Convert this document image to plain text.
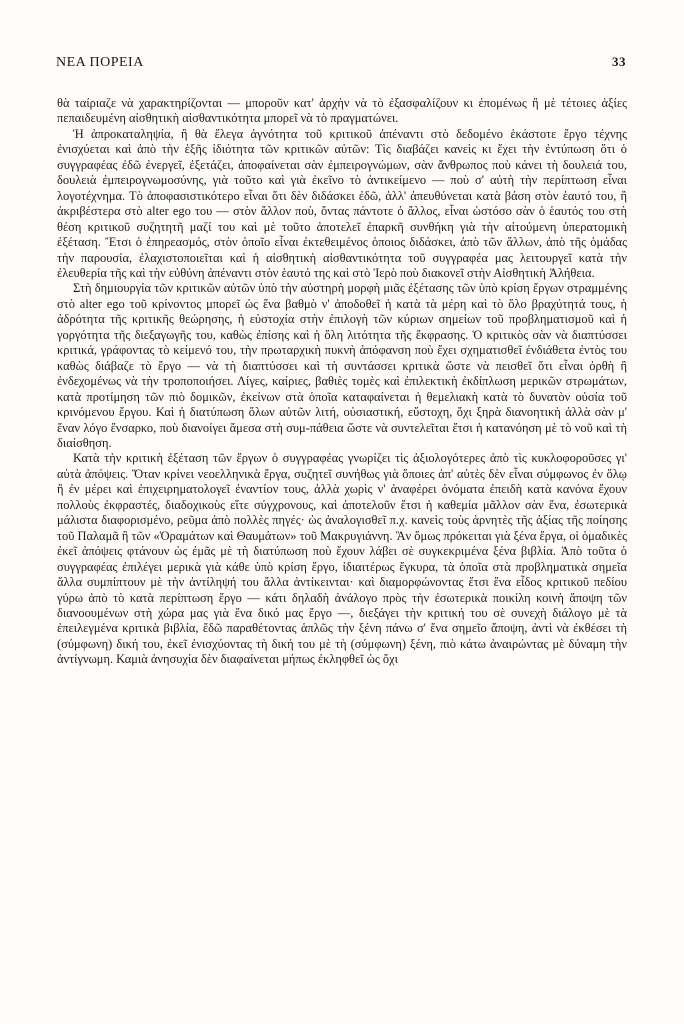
ΝΕΑ ΠΟΡΕΙΑ	33

θὰ ταίριαζε νὰ χαρακτηρίζονται — μποροῦν κατ' ἀρχὴν νὰ τὸ ἐξασφαλίζουν κι ἐπομένως ἢ μὲ τέτοιες ἀξίες πεπαιδευμένη αἰσθητικὴ αἰσθαντικότητα μπορεῖ νὰ τὸ πραγματώνει.

Ἡ ἀπροκαταληψία, ἢ θὰ ἔλεγα ἀγνότητα τοῦ κριτικοῦ ἀπέναντι στὸ δεδομένο ἑκάστοτε ἔργο τέχνης ἐνισχύεται καὶ ἀπὸ τὴν ἑξῆς ἰδιότητα τῶν κριτικῶν αὐτῶν: Τὶς διαβάζει κανεὶς κι ἔχει τὴν ἐντύπωση ὅτι ὁ συγγραφέας ἐδῶ ἐνεργεῖ, ἐξετάζει, ἀποφαίνεται σὰν ἐμπειρογνώμων, σὰν ἄνθρωπος ποὺ κάνει τὴ δουλειά του, δουλειὰ ἐμπειρογνωμοσύνης, γιὰ τοῦτο καὶ γιὰ ἐκεῖνο τὸ ἀντικείμενο — ποὺ σ' αὐτὴ τὴν περίπτωση εἶναι λογοτέχνημα. Τὸ ἀποφασιστικότερο εἶναι ὅτι δὲν διδάσκει ἐδῶ, ἀλλ' ἀπευθύνεται κατὰ βάση στὸν ἑαυτό του, ἢ ἀκριβέστερα στὸ alter ego του — στὸν ἄλλον ποὺ, ὄντας πάντοτε ὁ ἄλλος, εἶναι ὡστόσο σὰν ὁ ἑαυτός του στὴ θέση κριτικοῦ συζητητῆ μαζί του καὶ μὲ τοῦτο ἀποτελεῖ ἐπαρκῆ συνθήκη γιὰ τὴν αἰτούμενη ὑπερατομικὴ ἐξέταση. Ἔτσι ὁ ἐπηρεασμός, στὸν ὁποῖο εἶναι ἐκτεθειμένος ὁποιος διδάσκει, ἀπὸ τῶν ἄλλων, ἀπὸ τῆς ὁμάδας τὴν παρουσία, ἐλαχιστοποιεῖται καὶ ἡ αἰσθητικὴ αἰσθαντικότητα τοῦ συγγραφέα μας λειτουργεῖ κατὰ τὴν ἐλευθερία τῆς καὶ τὴν εὐθύνη ἀπέναντι στὸν ἑαυτό της καὶ στὸ Ἱερὸ ποὺ διακονεῖ στὴν Αἰσθητικὴ Ἀλήθεια.

Στὴ δημιουργία τῶν κριτικῶν αὐτῶν ὑπὸ τὴν αὐστηρὴ μορφὴ μιᾶς ἐξέτασης τῶν ὑπὸ κρίση ἔργων στραμμένης στὸ alter ego τοῦ κρίνοντος μπορεῖ ὡς ἕνα βαθμὸ ν' ἀποδοθεῖ ἡ κατὰ τὰ μέρη καὶ τὸ ὅλο βραχύτητά τους, ἡ ἀδρότητα τῆς κριτικῆς θεώρησης, ἡ εὐστοχία στὴν ἐπιλογὴ τῶν κύριων σημείων τοῦ προβληματισμοῦ καὶ ἡ γοργότητα τῆς διεξαγωγῆς του, καθὼς ἐπίσης καὶ ἡ ὅλη λιτότητα τῆς ἔκφρασης. Ὁ κριτικὸς σὰν νὰ διαπτύσσει κριτικά, γράφοντας τὸ κείμενό του, τὴν πρωταρχικὴ πυκνὴ ἀπόφανση ποὺ ἔχει σχηματισθεῖ ἐνδιάθετα ἐντὸς του καθὼς διάβαζε τὸ ἔργο — νὰ τὴ διαπτύσσει καὶ τὴ συντάσσει κριτικὰ ὥστε νὰ πεισθεῖ ὅτι εἶναι ὀρθὴ ἢ ἐνδεχομένως νὰ τὴν τροποποιήσει. Λίγες, καίριες, βαθιὲς τομὲς καὶ ἐπιλεκτικὴ ἐκδίπλωση μερικῶν στρωμάτων, κατὰ προτίμηση τῶν πιὸ δομικῶν, ἐκείνων στὰ ὁποῖα καταφαίνεται ἡ θεμελιακὴ κατὰ τὸ δυνατὸν οὐσία τοῦ κρινόμενου ἔργου. Καὶ ἡ διατύπωση ὅλων αὐτῶν λιτή, οὐσιαστική, εὔστοχη, ὄχι ξηρὰ διανοητικὴ ἀλλὰ σὰν μ' ἕναν λόγο ἔνσαρκο, ποὺ διανοίγει ἄμεσα στὴ συμ-πάθεια ὥστε νὰ συντελεῖται ἔτσι ἡ κατανόηση μὲ τὸ νοῦ καὶ τὴ διαίσθηση.

Κατὰ τὴν κριτικὴ ἐξέταση τῶν ἔργων ὁ συγγραφέας γνωρίζει τὶς ἀξιολογότερες ἀπὸ τὶς κυκλοφοροῦσες γι' αὐτὰ ἀπόψεις. Ὅταν κρίνει νεοελληνικὰ ἔργα, συζητεῖ συνήθως γιὰ ὅποιες ἀπ' αὐτὲς δὲν εἶναι σύμφωνος ἐν ὅλῳ ἢ ἐν μέρει καὶ ἐπιχειρηματολογεῖ ἐναντίον τους, ἀλλὰ χωρὶς ν' ἀναφέρει ὀνόματα ἐπειδὴ κατὰ κανόνα ἔχουν πολλοὺς ἐκφραστές, διαδοχικοὺς εἴτε σύγχρονους, καὶ ἀποτελοῦν ἔτσι ἡ καθεμία μᾶλλον σὰν ἕνα, ἐσωτερικὰ μάλιστα διαφορισμένο, ρεῦμα ἀπὸ πολλὲς πηγές· ὡς ἀναλογισθεῖ π.χ. κανεὶς τοὺς ἀρνητὲς τῆς ἀξίας τῆς ποίησης τοῦ Παλαμᾶ ἢ τῶν «Ὁραμάτων καὶ Θαυμάτων» τοῦ Μακρυγιάννη. Ἂν ὅμως πρόκειται γιὰ ξένα ἔργα, οἱ ὁμαδικὲς ἐκεῖ ἀπόψεις φτάνουν ὡς ἐμᾶς μὲ τὴ διατύπωση ποὺ ἔχουν λάβει σὲ συγκεκριμένα ξένα βιβλία. Ἀπὸ τοῦτα ὁ συγγραφέας ἐπιλέγει μερικὰ γιὰ κάθε ὑπὸ κρίση ἔργο, ἰδιαιτέρως ἔγκυρα, τὰ ὁποῖα στὰ προβληματικὰ σημεῖα ἄλλα συμπίπτουν μὲ τὴν ἀντίληψή του ἄλλα ἀντίκεινται· καὶ διαμορφώνοντας ἔτσι ἕνα εἶδος κριτικοῦ πεδίου γύρω ἀπὸ τὸ κατὰ περίπτωση ἔργο — κάτι δηλαδὴ ἀνάλογο πρὸς τὴν ἐσωτερικὰ ποικίλη κοινὴ ἄποψη τῶν διανοουμένων στὴ χώρα μας γιὰ ἕνα δικό μας ἔργο —, διεξάγει τὴν κριτική του σὲ συνεχὴ διάλογο μὲ τὰ ἐπειλεγμένα κριτικὰ βιβλία, ἔδῶ παραθέτοντας ἁπλῶς τὴν ξένη πάνω σ' ἕνα σημεῖο ἄποψη, ἀντὶ νὰ ἐκθέσει τὴ (σύμφωνη) δική του, ἐκεῖ ἐνισχύοντας τὴ δική του μὲ τὴ (σύμφωνη) ξένη, πιὸ κάτω ἀναιρώντας μὲ δύναμη τὴν ἀντίγνωμη. Καμιὰ ἀνησυχία δὲν διαφαίνεται μήπως ἐκληφθεῖ ὡς ὄχι
